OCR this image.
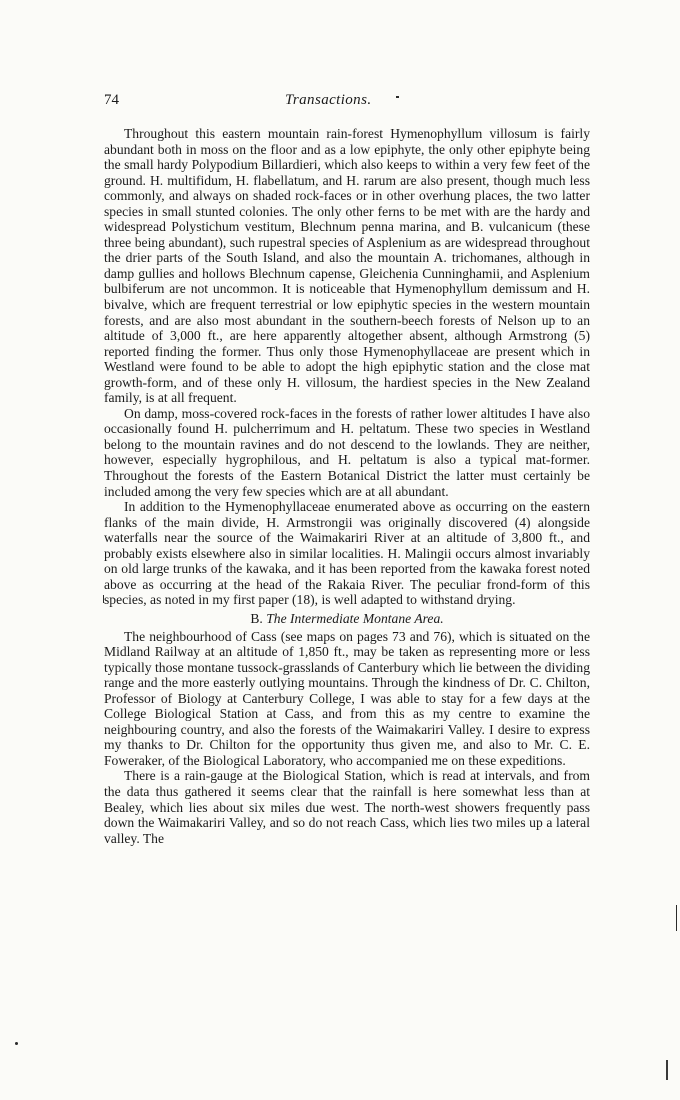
74	Transactions.

Throughout this eastern mountain rain-forest Hymenophyllum villosum is fairly abundant both in moss on the floor and as a low epiphyte, the only other epiphyte being the small hardy Polypodium Billardieri, which also keeps to within a very few feet of the ground. H. multifidum, H. flabellatum, and H. rarum are also present, though much less commonly, and always on shaded rock-faces or in other overhung places, the two latter species in small stunted colonies. The only other ferns to be met with are the hardy and widespread Polystichum vestitum, Blechnum penna marina, and B. vulcanicum (these three being abundant), such rupestral species of Asplenium as are widespread throughout the drier parts of the South Island, and also the mountain A. trichomanes, although in damp gullies and hollows Blechnum capense, Gleichenia Cunninghamii, and Asplenium bulbiferum are not uncommon. It is noticeable that Hymenophyllum demissum and H. bivalve, which are frequent terrestrial or low epiphytic species in the western mountain forests, and are also most abundant in the southern-beech forests of Nelson up to an altitude of 3,000 ft., are here apparently altogether absent, although Armstrong (5) reported finding the former. Thus only those Hymenophyllaceae are present which in Westland were found to be able to adopt the high epiphytic station and the close mat growth-form, and of these only H. villosum, the hardiest species in the New Zealand family, is at all frequent.

On damp, moss-covered rock-faces in the forests of rather lower altitudes I have also occasionally found H. pulcherrimum and H. peltatum. These two species in Westland belong to the mountain ravines and do not descend to the lowlands. They are neither, however, especially hygrophilous, and H. peltatum is also a typical mat-former. Throughout the forests of the Eastern Botanical District the latter must certainly be included among the very few species which are at all abundant.

In addition to the Hymenophyllaceae enumerated above as occurring on the eastern flanks of the main divide, H. Armstrongii was originally discovered (4) alongside waterfalls near the source of the Waimakariri River at an altitude of 3,800 ft., and probably exists elsewhere also in similar localities. H. Malingii occurs almost invariably on old large trunks of the kawaka, and it has been reported from the kawaka forest noted above as occurring at the head of the Rakaia River. The peculiar frond-form of this species, as noted in my first paper (18), is well adapted to withstand drying.

B. The Intermediate Montane Area.

The neighbourhood of Cass (see maps on pages 73 and 76), which is situated on the Midland Railway at an altitude of 1,850 ft., may be taken as representing more or less typically those montane tussock-grasslands of Canterbury which lie between the dividing range and the more easterly outlying mountains. Through the kindness of Dr. C. Chilton, Professor of Biology at Canterbury College, I was able to stay for a few days at the College Biological Station at Cass, and from this as my centre to examine the neighbouring country, and also the forests of the Waimakariri Valley. I desire to express my thanks to Dr. Chilton for the opportunity thus given me, and also to Mr. C. E. Foweraker, of the Biological Laboratory, who accompanied me on these expeditions.

There is a rain-gauge at the Biological Station, which is read at intervals, and from the data thus gathered it seems clear that the rainfall is here somewhat less than at Bealey, which lies about six miles due west. The north-west showers frequently pass down the Waimakariri Valley, and so do not reach Cass, which lies two miles up a lateral valley. The
